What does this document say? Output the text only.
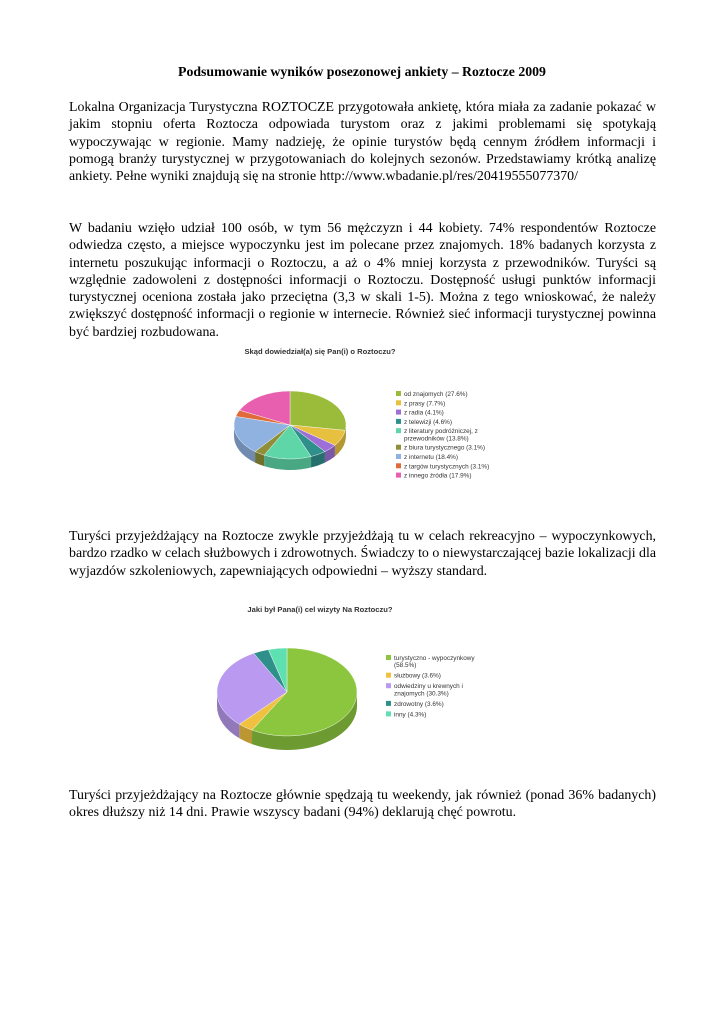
Podsumowanie wyników posezonowej ankiety – Roztocze 2009

Lokalna Organizacja Turystyczna ROZTOCZE przygotowała ankietę, która miała za zadanie pokazać w jakim stopniu oferta Roztocza odpowiada turystom oraz z jakimi problemami się spotykają wypoczywając w regionie. Mamy nadzieję, że opinie turystów będą cennym źródłem informacji i pomogą branży turystycznej w przygotowaniach do kolejnych sezonów. Przedstawiamy krótką analizę ankiety. Pełne wyniki znajdują się na stronie http://www.wbadanie.pl/res/20419555077370/

W badaniu wzięło udział 100 osób, w tym 56 mężczyzn i 44 kobiety. 74% respondentów Roztocze odwiedza często, a miejsce wypoczynku jest im polecane przez znajomych. 18% badanych korzysta z internetu poszukując informacji o Roztoczu, a aż o 4% mniej korzysta z przewodników. Turyści są względnie zadowoleni z dostępności informacji o Roztoczu. Dostępność usługi punktów informacji turystycznej oceniona została jako przeciętna (3,3 w skali 1-5). Można z tego wnioskować, że należy zwiększyć dostępność informacji o regionie w internecie. Również sieć informacji turystycznej powinna być bardziej rozbudowana.

Skąd dowiedział(a) się Pan(i) o Roztoczu?
od znajomych (27.6%)
z prasy (7.7%)
z radia (4.1%)
z telewizji (4.6%)
z literatury podróżniczej, z
przewodników (13.8%)
z biura turystycznego (3.1%)
z internetu (18.4%)
z targów turystycznych (3.1%)
z innego źródła (17.9%)

Turyści przyjeżdżający na Roztocze zwykle przyjeżdżają tu w celach rekreacyjno – wypoczynkowych, bardzo rzadko w celach służbowych i zdrowotnych. Świadczy to o niewystarczającej bazie lokalizacji dla wyjazdów szkoleniowych, zapewniających odpowiedni – wyższy standard.

Jaki był Pana(i) cel wizyty Na Roztoczu?
turystyczno - wypoczynkowy
(58.5%)
służbowy (3.6%)
odwiedziny u krewnych i
znajomych (30.3%)
zdrowotny (3.6%)
inny (4.3%)

Turyści przyjeżdżający na Roztocze głównie spędzają tu weekendy, jak również (ponad 36% badanych) okres dłuższy niż 14 dni. Prawie wszyscy badani (94%) deklarują chęć powrotu.
